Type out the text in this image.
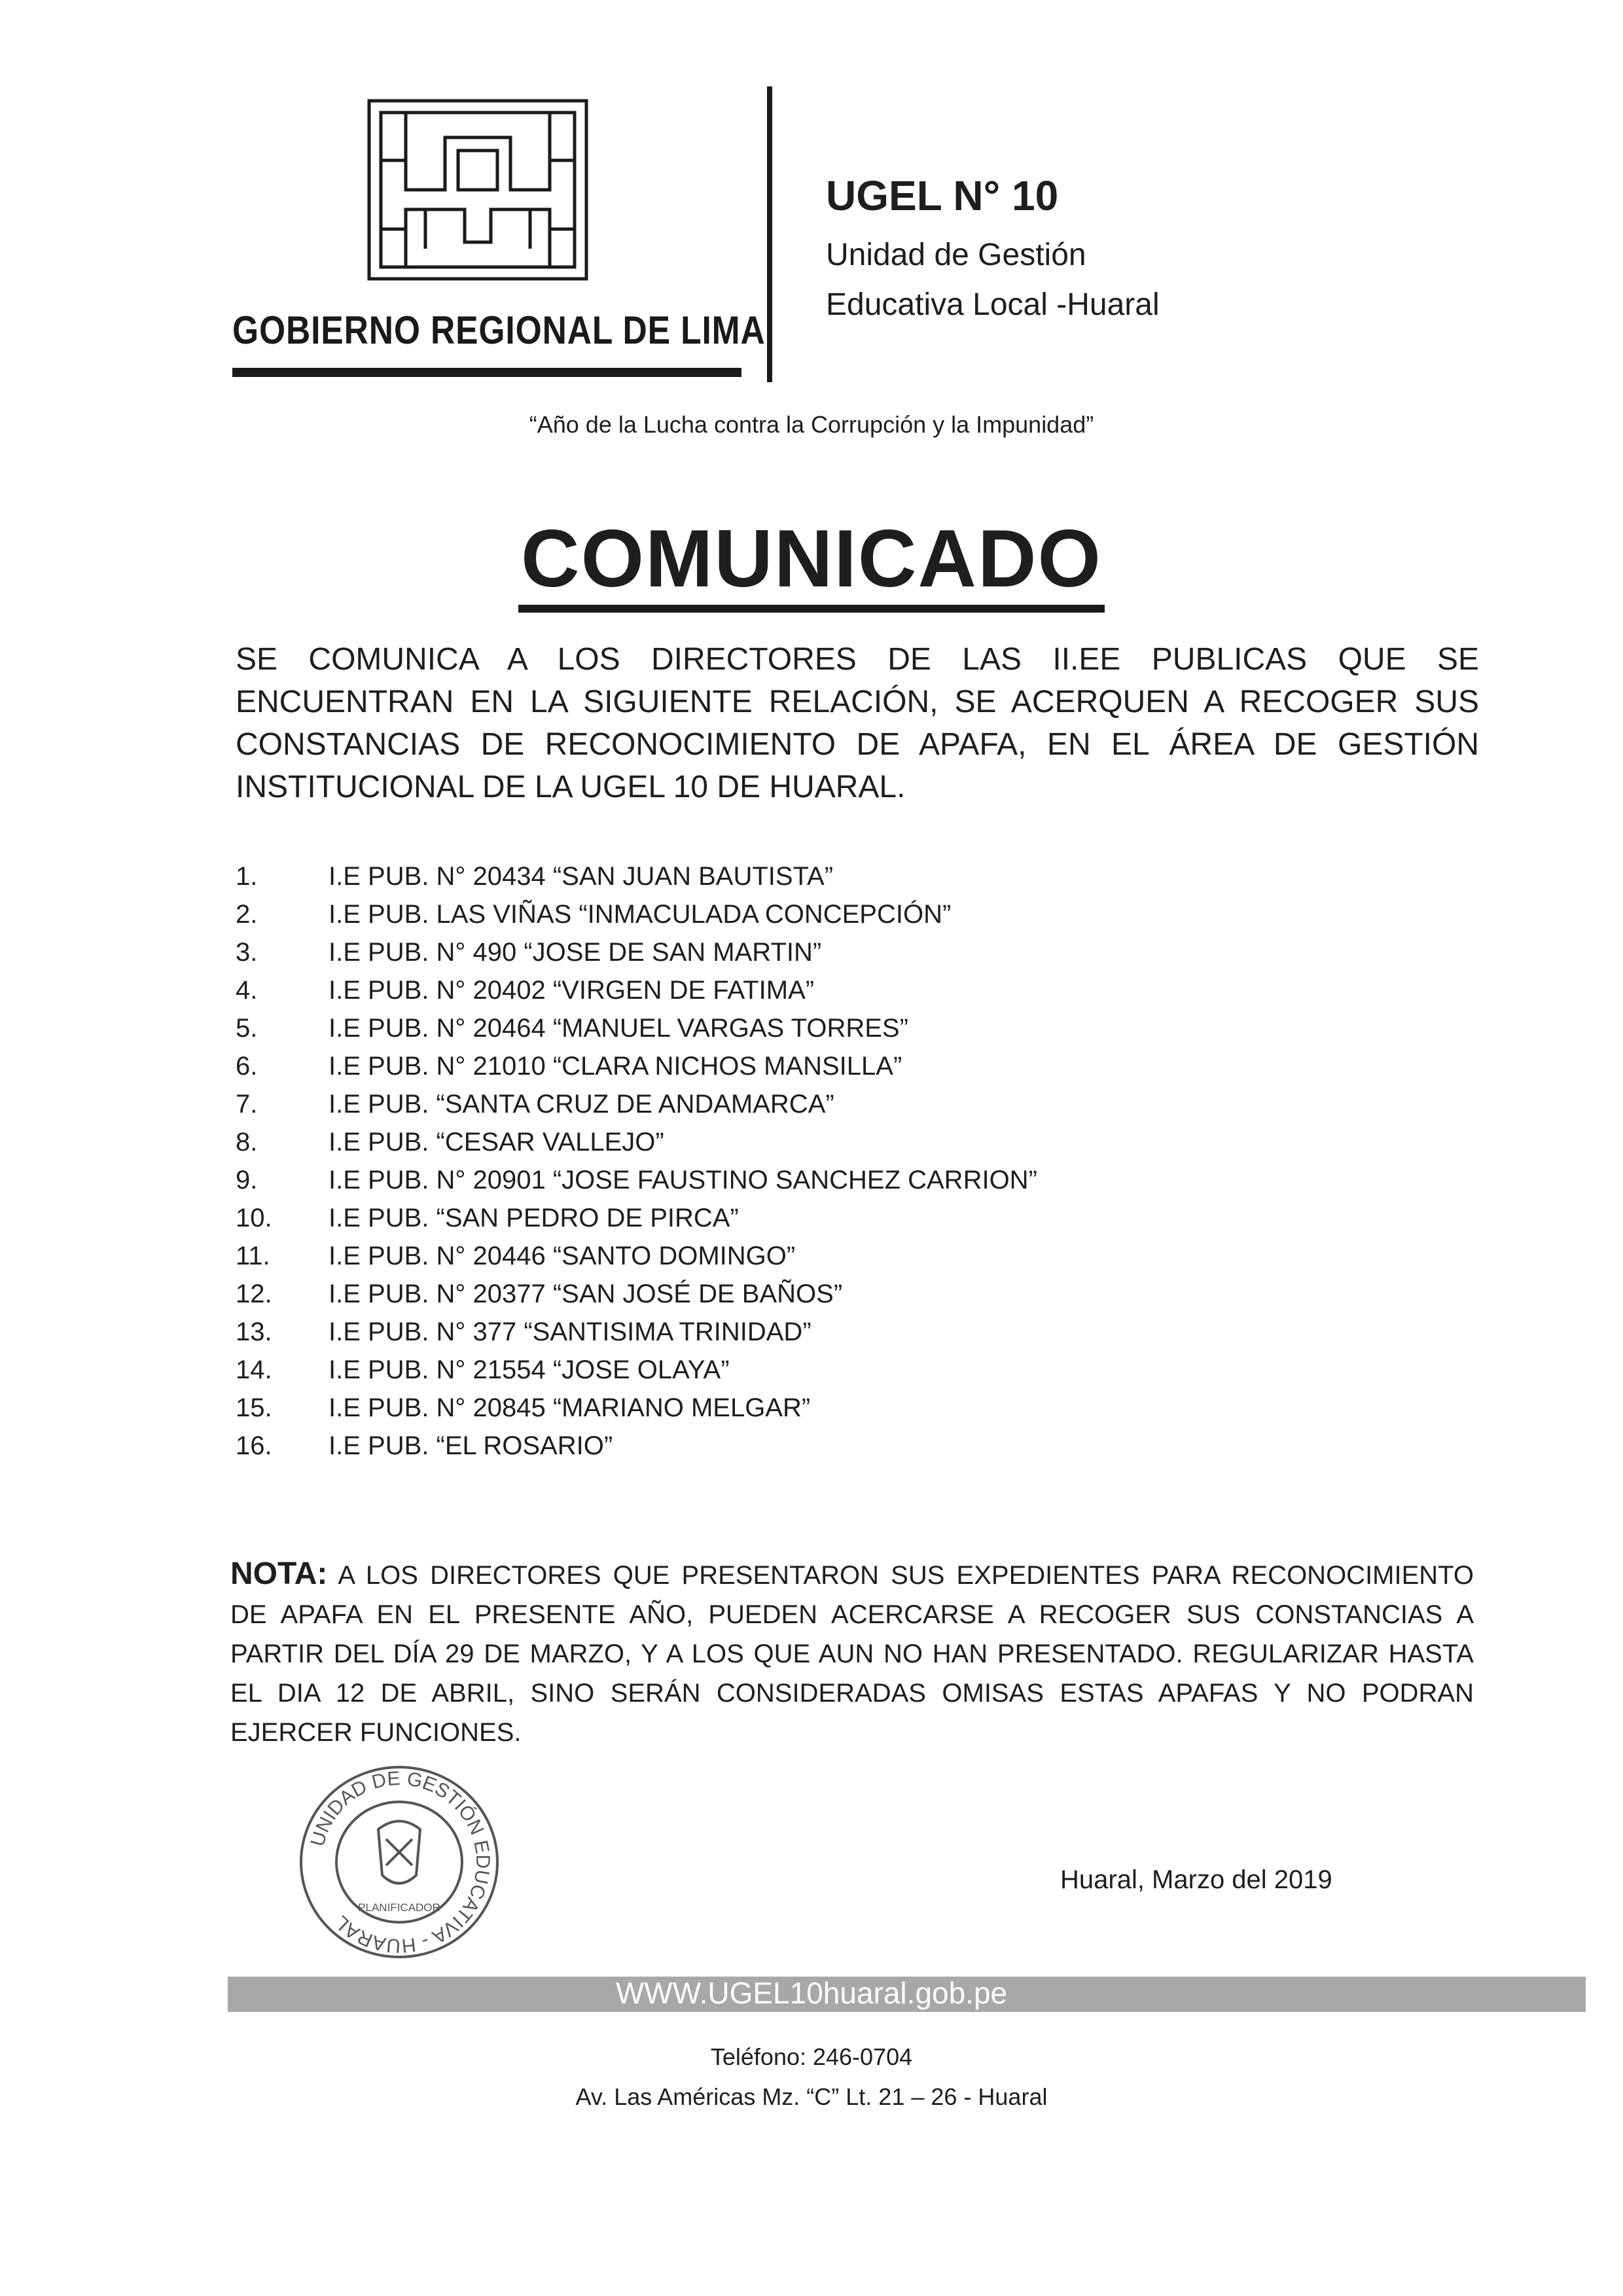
GOBIERNO REGIONAL DE LIMA
UGEL N° 10
Unidad de Gestión
Educativa Local -Huaral
“Año de la Lucha contra la Corrupción y la Impunidad”
COMUNICADO
SE COMUNICA A LOS DIRECTORES DE LAS II.EE PUBLICAS QUE SE ENCUENTRAN EN LA SIGUIENTE RELACIÓN, SE ACERQUEN A RECOGER SUS CONSTANCIAS DE RECONOCIMIENTO DE APAFA, EN EL ÁREA DE GESTIÓN INSTITUCIONAL DE LA UGEL 10 DE HUARAL.
1.	I.E PUB. N° 20434 “SAN JUAN BAUTISTA”
2.	I.E PUB. LAS VIÑAS “INMACULADA CONCEPCIÓN”
3.	I.E PUB. N° 490 “JOSE DE SAN MARTIN”
4.	I.E PUB. N° 20402 “VIRGEN DE FATIMA”
5.	I.E PUB. N° 20464 “MANUEL VARGAS TORRES”
6.	I.E PUB. N° 21010 “CLARA NICHOS MANSILLA”
7.	I.E PUB. “SANTA CRUZ DE ANDAMARCA”
8.	I.E PUB. “CESAR VALLEJO”
9.	I.E PUB. N° 20901 “JOSE FAUSTINO SANCHEZ CARRION”
10. I.E PUB. “SAN PEDRO DE PIRCA”
11. I.E PUB. N° 20446 “SANTO DOMINGO”
12. I.E PUB. N° 20377 “SAN JOSÉ DE BAÑOS”
13. I.E PUB. N° 377 “SANTISIMA TRINIDAD”
14. I.E PUB. N° 21554 “JOSE OLAYA”
15. I.E PUB. N° 20845 “MARIANO MELGAR”
16. I.E PUB. “EL ROSARIO”
NOTA: A LOS DIRECTORES QUE PRESENTARON SUS EXPEDIENTES PARA RECONOCIMIENTO DE APAFA EN EL PRESENTE AÑO, PUEDEN ACERCARSE A RECOGER SUS CONSTANCIAS A PARTIR DEL DÍA 29 DE MARZO, Y A LOS QUE AUN NO HAN PRESENTADO. REGULARIZAR HASTA EL DIA 12 DE ABRIL, SINO SERÁN CONSIDERADAS OMISAS ESTAS APAFAS Y NO PODRAN EJERCER FUNCIONES.
UNIDAD DE GESTIÓN EDUCATIVA - HUARAL
PLANIFICADOR
Huaral, Marzo del 2019
WWW.UGEL10huaral.gob.pe
Teléfono: 246-0704
Av. Las Américas Mz. “C” Lt. 21 – 26 - Huaral
